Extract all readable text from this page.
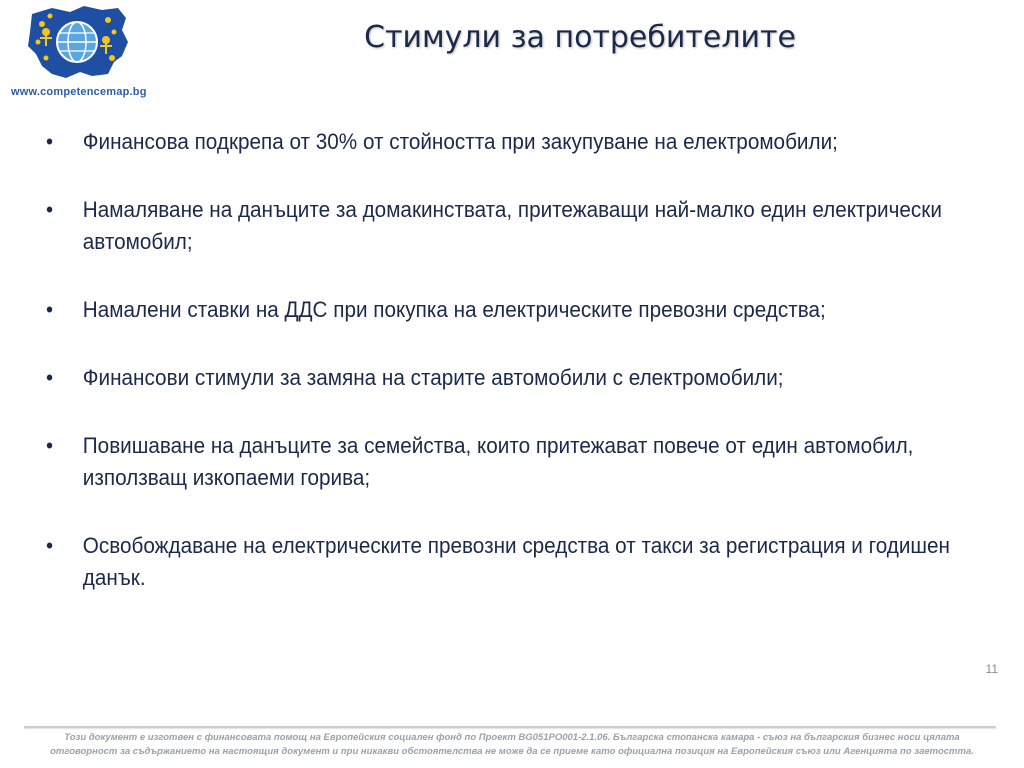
www.competencemap.bg
Стимули за потребителите
• Финансова подкрепа от 30% от стойността при закупуване на електромобили;
• Намаляване на данъците за домакинствата, притежаващи най-малко един електрически автомобил;
• Намалени ставки на ДДС при покупка на електрическите превозни средства;
• Финансови стимули за замяна на старите автомобили с електромобили;
• Повишаване на данъците за семейства, които притежават повече от един автомобил, използващ изкопаеми горива;
• Освобождаване на електрическите превозни средства от такси за регистрация и годишен данък.
11
Този документ е изготвен с финансовата помощ на Европейския социален фонд по Проект BG051PO001-2.1.06. Българска стопанска камара - съюз на българския бизнес носи цялата
отговорност за съдържанието на настоящия документ и при никакви обстоятелства не може да се приеме като официална позиция на Европейския съюз или Агенцията по заетостта.
